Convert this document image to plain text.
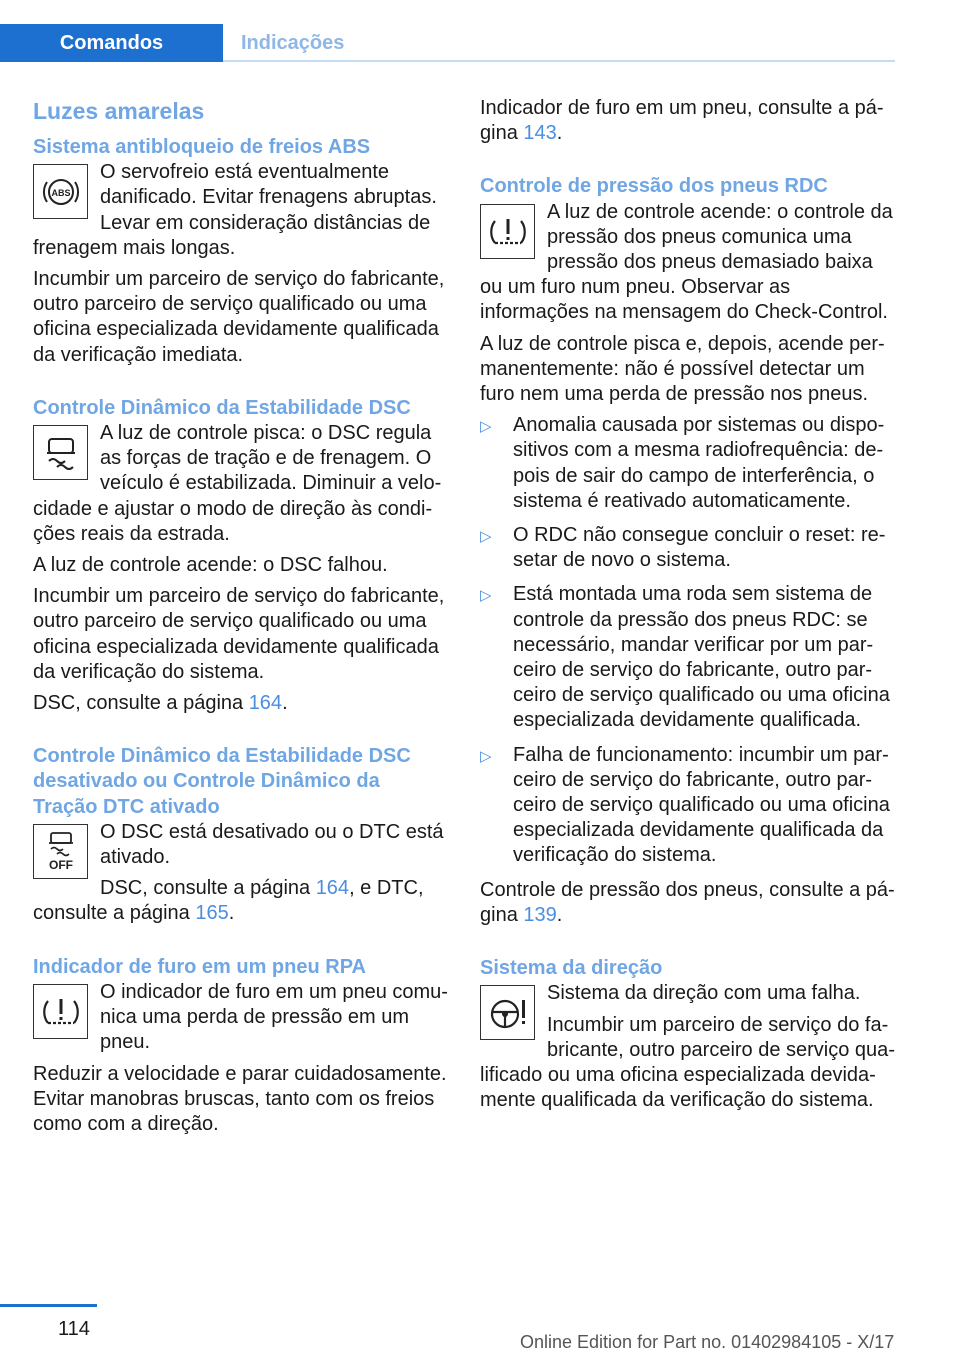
Comandos	Indicações
Luzes amarelas
Sistema antibloqueio de freios ABS
ABS

O servofreio está eventualmente danificado. Evitar frenagens abruptas. Levar em consideração distâncias de frenagem mais longas.

Incumbir um parceiro de serviço do fabricante, outro parceiro de serviço qualificado ou uma oficina especializada devidamente qualificada da verificação imediata.

Controle Dinâmico da Estabilidade DSC

A luz de controle pisca: o DSC regula as forças de tração e de frenagem. O veículo é estabilizada. Diminuir a velocidade e ajustar o modo de direção às condições reais da estrada.

A luz de controle acende: o DSC falhou.

Incumbir um parceiro de serviço do fabricante, outro parceiro de serviço qualificado ou uma oficina especializada devidamente qualificada da verificação do sistema.

DSC, consulte a página 164.

Controle Dinâmico da Estabilidade DSC desativado ou Controle Dinâmico da Tração DTC ativado
OFF

O DSC está desativado ou o DTC está ativado.

DSC, consulte a página 164, e DTC, consulte a página 165.

Indicador de furo em um pneu RPA

O indicador de furo em um pneu comunica uma perda de pressão em um pneu.

Reduzir a velocidade e parar cuidadosamente. Evitar manobras bruscas, tanto com os freios como com a direção.

Indicador de furo em um pneu, consulte a página 143.

Controle de pressão dos pneus RDC

A luz de controle acende: o controle da pressão dos pneus comunica uma pressão dos pneus demasiado baixa ou um furo num pneu. Observar as informações na mensagem do Check-Control.

A luz de controle pisca e, depois, acende permanentemente: não é possível detectar um furo nem uma perda de pressão nos pneus.

▷ Anomalia causada por sistemas ou dispositivos com a mesma radiofrequência: depois de sair do campo de interferência, o sistema é reativado automaticamente.
▷ O RDC não consegue concluir o reset: resetar de novo o sistema.
▷ Está montada uma roda sem sistema de controle da pressão dos pneus RDC: se necessário, mandar verificar por um parceiro de serviço do fabricante, outro parceiro de serviço qualificado ou uma oficina especializada devidamente qualificada.
▷ Falha de funcionamento: incumbir um parceiro de serviço do fabricante, outro parceiro de serviço qualificado ou uma oficina especializada devidamente qualificada da verificação do sistema.

Controle de pressão dos pneus, consulte a página 139.

Sistema da direção

Sistema da direção com uma falha.

Incumbir um parceiro de serviço do fabricante, outro parceiro de serviço qualificado ou uma oficina especializada devidamente qualificada da verificação do sistema.

114
Online Edition for Part no. 01402984105 - X/17
